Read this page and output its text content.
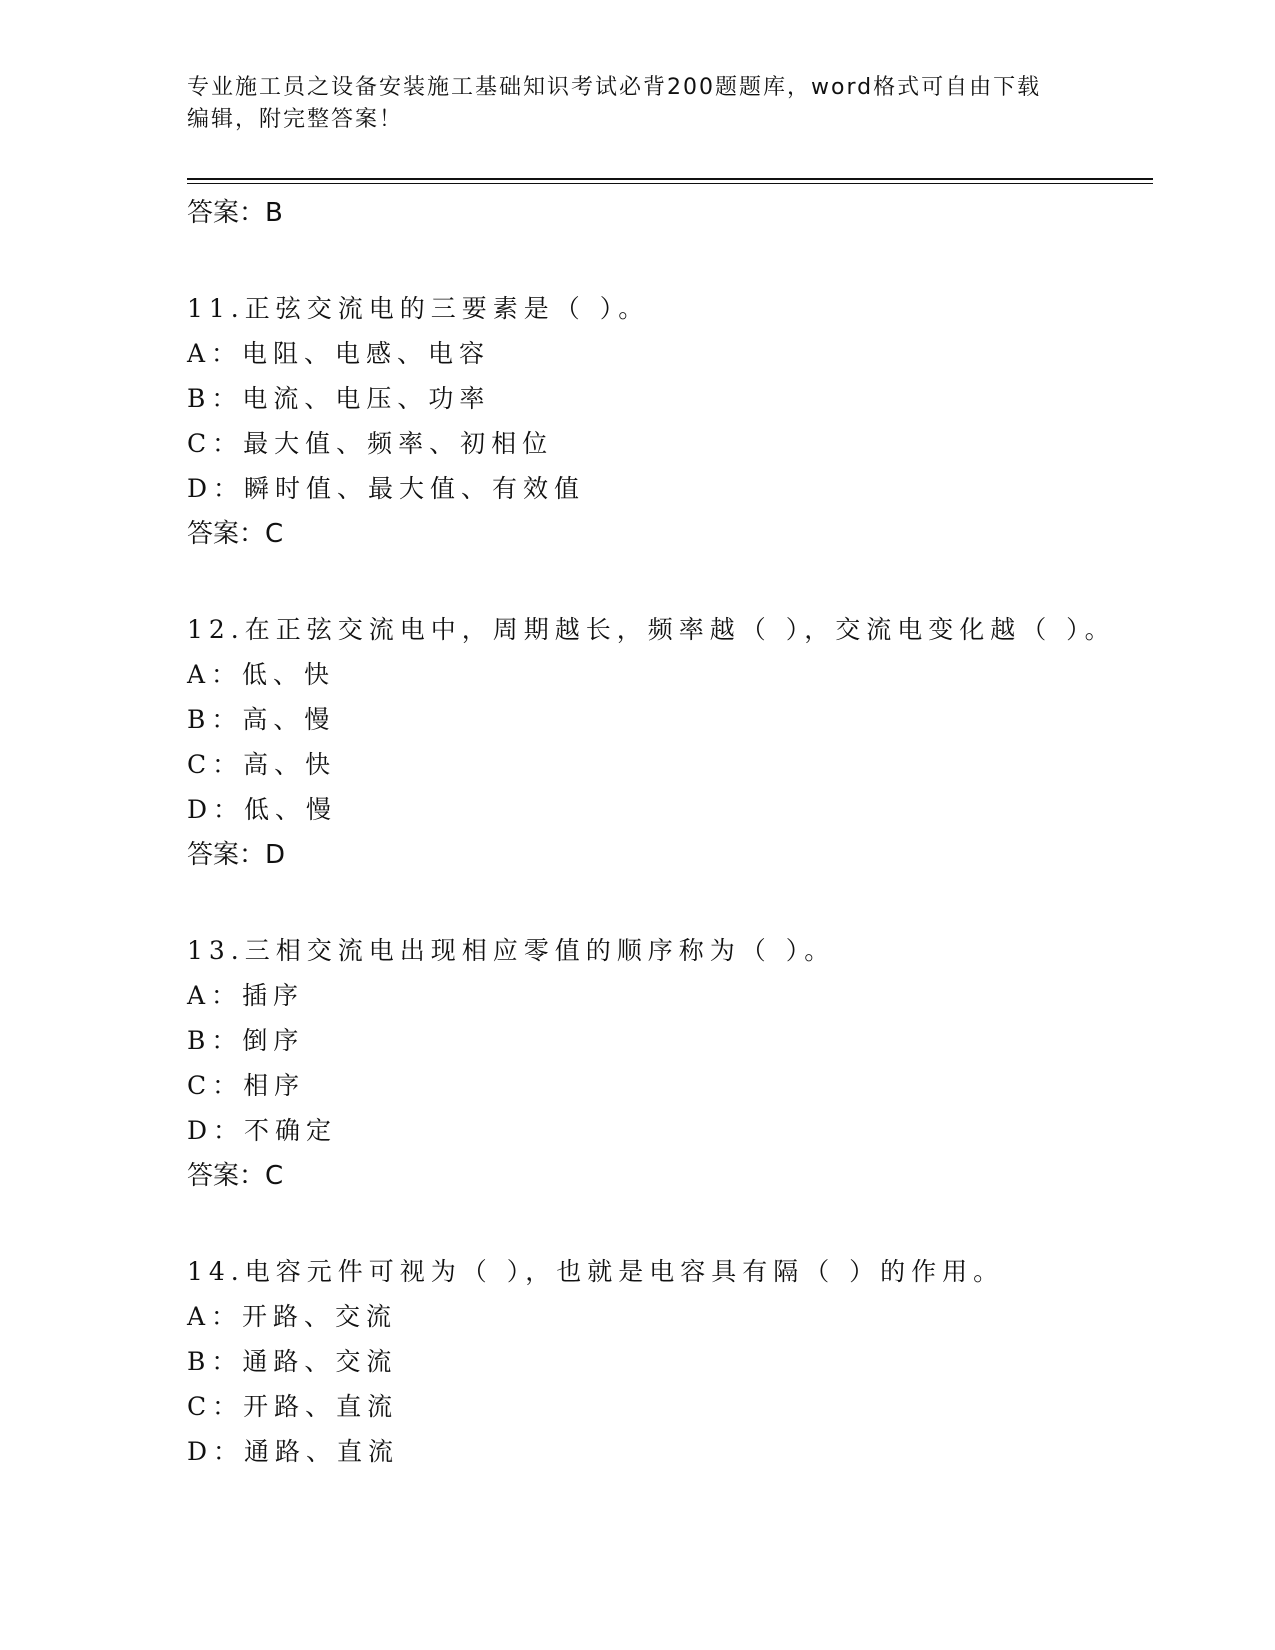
专业施工员之设备安装施工基础知识考试必背200题题库，word格式可自由下载
编辑，附完整答案！
答案：B
11.正弦交流电的三要素是（ ）。
A：电阻、电感、电容
B：电流、电压、功率
C：最大值、频率、初相位
D：瞬时值、最大值、有效值
答案：C
12.在正弦交流电中，周期越长，频率越（ ），交流电变化越（ ）。
A：低、快
B：高、慢
C：高、快
D：低、慢
答案：D
13.三相交流电出现相应零值的顺序称为（ ）。
A：插序
B：倒序
C：相序
D：不确定
答案：C
14.电容元件可视为（ ），也就是电容具有隔（ ）的作用。
A：开路、交流
B：通路、交流
C：开路、直流
D：通路、直流
